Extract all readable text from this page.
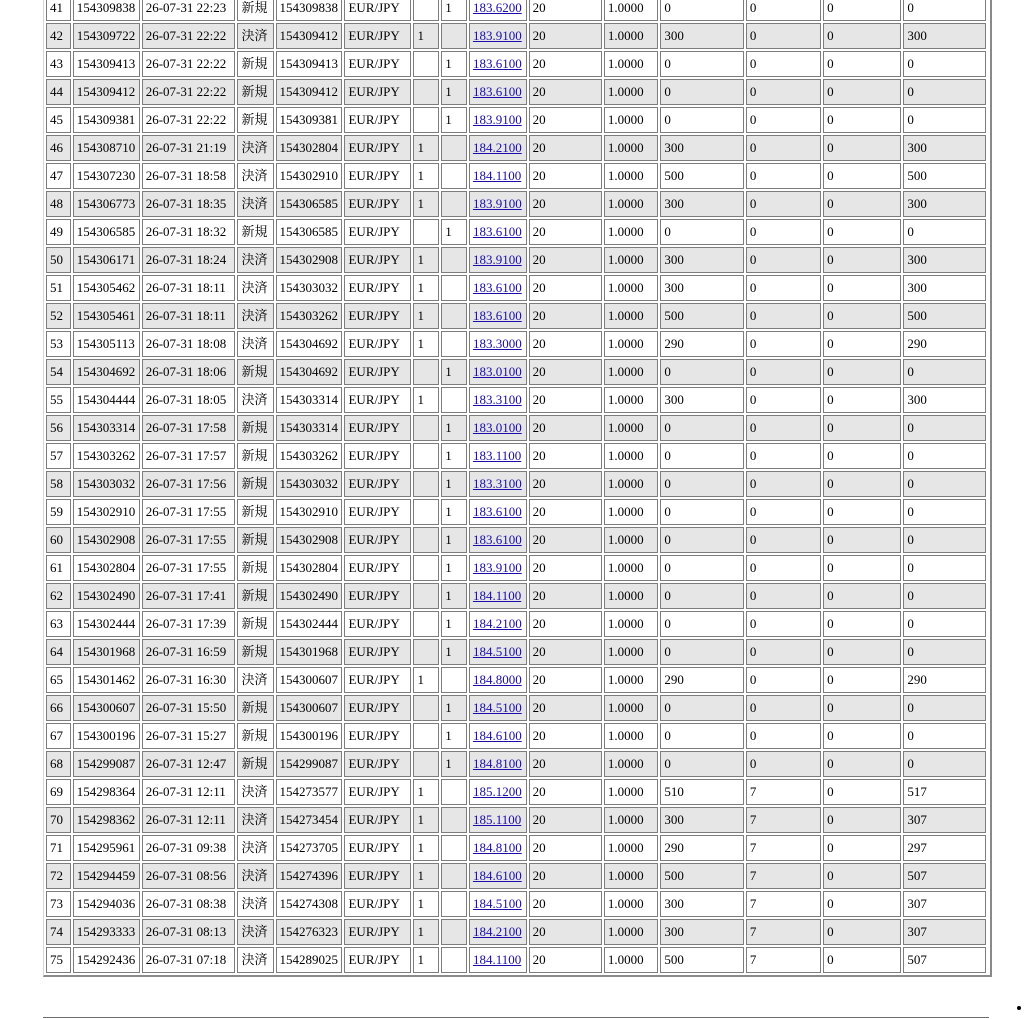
41	154309838	26-07-31 22:23	新規	154309838	EUR/JPY		1	183.6200	20	1.0000	0	0	0	0
42	154309722	26-07-31 22:22	決済	154309412	EUR/JPY	1		183.9100	20	1.0000	300	0	0	300
43	154309413	26-07-31 22:22	新規	154309413	EUR/JPY		1	183.6100	20	1.0000	0	0	0	0
44	154309412	26-07-31 22:22	新規	154309412	EUR/JPY		1	183.6100	20	1.0000	0	0	0	0
45	154309381	26-07-31 22:22	新規	154309381	EUR/JPY		1	183.9100	20	1.0000	0	0	0	0
46	154308710	26-07-31 21:19	決済	154302804	EUR/JPY	1		184.2100	20	1.0000	300	0	0	300
47	154307230	26-07-31 18:58	決済	154302910	EUR/JPY	1		184.1100	20	1.0000	500	0	0	500
48	154306773	26-07-31 18:35	決済	154306585	EUR/JPY	1		183.9100	20	1.0000	300	0	0	300
49	154306585	26-07-31 18:32	新規	154306585	EUR/JPY		1	183.6100	20	1.0000	0	0	0	0
50	154306171	26-07-31 18:24	決済	154302908	EUR/JPY	1		183.9100	20	1.0000	300	0	0	300
51	154305462	26-07-31 18:11	決済	154303032	EUR/JPY	1		183.6100	20	1.0000	300	0	0	300
52	154305461	26-07-31 18:11	決済	154303262	EUR/JPY	1		183.6100	20	1.0000	500	0	0	500
53	154305113	26-07-31 18:08	決済	154304692	EUR/JPY	1		183.3000	20	1.0000	290	0	0	290
54	154304692	26-07-31 18:06	新規	154304692	EUR/JPY		1	183.0100	20	1.0000	0	0	0	0
55	154304444	26-07-31 18:05	決済	154303314	EUR/JPY	1		183.3100	20	1.0000	300	0	0	300
56	154303314	26-07-31 17:58	新規	154303314	EUR/JPY		1	183.0100	20	1.0000	0	0	0	0
57	154303262	26-07-31 17:57	新規	154303262	EUR/JPY		1	183.1100	20	1.0000	0	0	0	0
58	154303032	26-07-31 17:56	新規	154303032	EUR/JPY		1	183.3100	20	1.0000	0	0	0	0
59	154302910	26-07-31 17:55	新規	154302910	EUR/JPY		1	183.6100	20	1.0000	0	0	0	0
60	154302908	26-07-31 17:55	新規	154302908	EUR/JPY		1	183.6100	20	1.0000	0	0	0	0
61	154302804	26-07-31 17:55	新規	154302804	EUR/JPY		1	183.9100	20	1.0000	0	0	0	0
62	154302490	26-07-31 17:41	新規	154302490	EUR/JPY		1	184.1100	20	1.0000	0	0	0	0
63	154302444	26-07-31 17:39	新規	154302444	EUR/JPY		1	184.2100	20	1.0000	0	0	0	0
64	154301968	26-07-31 16:59	新規	154301968	EUR/JPY		1	184.5100	20	1.0000	0	0	0	0
65	154301462	26-07-31 16:30	決済	154300607	EUR/JPY	1		184.8000	20	1.0000	290	0	0	290
66	154300607	26-07-31 15:50	新規	154300607	EUR/JPY		1	184.5100	20	1.0000	0	0	0	0
67	154300196	26-07-31 15:27	新規	154300196	EUR/JPY		1	184.6100	20	1.0000	0	0	0	0
68	154299087	26-07-31 12:47	新規	154299087	EUR/JPY		1	184.8100	20	1.0000	0	0	0	0
69	154298364	26-07-31 12:11	決済	154273577	EUR/JPY	1		185.1200	20	1.0000	510	7	0	517
70	154298362	26-07-31 12:11	決済	154273454	EUR/JPY	1		185.1100	20	1.0000	300	7	0	307
71	154295961	26-07-31 09:38	決済	154273705	EUR/JPY	1		184.8100	20	1.0000	290	7	0	297
72	154294459	26-07-31 08:56	決済	154274396	EUR/JPY	1		184.6100	20	1.0000	500	7	0	507
73	154294036	26-07-31 08:38	決済	154274308	EUR/JPY	1		184.5100	20	1.0000	300	7	0	307
74	154293333	26-07-31 08:13	決済	154276323	EUR/JPY	1		184.2100	20	1.0000	300	7	0	307
75	154292436	26-07-31 07:18	決済	154289025	EUR/JPY	1		184.1100	20	1.0000	500	7	0	507
